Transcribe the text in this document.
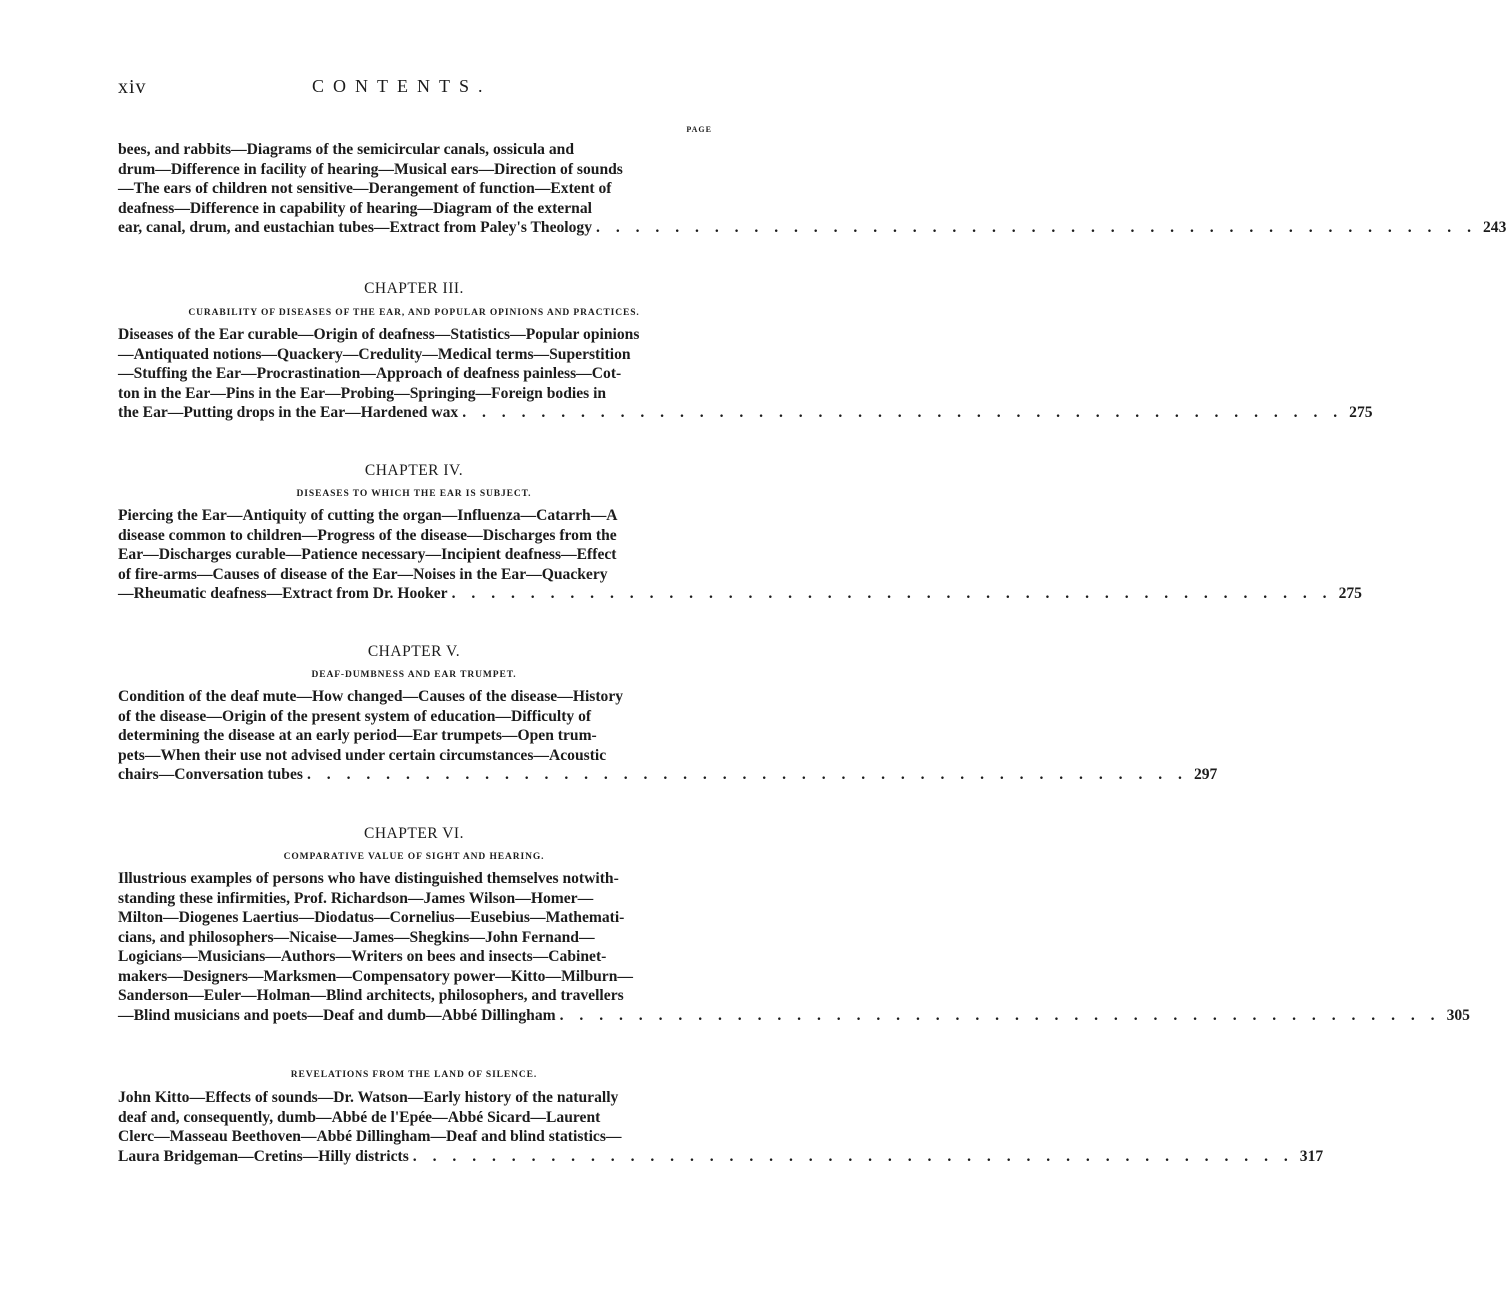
xiv	CONTENTS.
PAGE

bees, and rabbits—Diagrams of the semicircular canals, ossicula and
drum—Difference in facility of hearing—Musical ears—Direction of sounds
—The ears of children not sensitive—Derangement of function—Extent of
deafness—Difference in capability of hearing—Diagram of the external

ear, canal, drum, and eustachian tubes—Extract from Paley's Theology . . . . . . . . . . . . . . . . . . . . . . . . . . . . . . . . . . . . . . . . . . . . . 243
CHAPTER III.
CURABILITY OF DISEASES OF THE EAR, AND POPULAR OPINIONS AND PRACTICES.

Diseases of the Ear curable—Origin of deafness—Statistics—Popular opinions
—Antiquated notions—Quackery—Credulity—Medical terms—Superstition
—Stuffing the Ear—Procrastination—Approach of deafness painless—Cot-
ton in the Ear—Pins in the Ear—Probing—Springing—Foreign bodies in

the Ear—Putting drops in the Ear—Hardened wax . . . . . . . . . . . . . . . . . . . . . . . . . . . . . . . . . . . . . . . . . . . . . 275
CHAPTER IV.
DISEASES TO WHICH THE EAR IS SUBJECT.

Piercing the Ear—Antiquity of cutting the organ—Influenza—Catarrh—A
disease common to children—Progress of the disease—Discharges from the
Ear—Discharges curable—Patience necessary—Incipient deafness—Effect
of fire-arms—Causes of disease of the Ear—Noises in the Ear—Quackery

—Rheumatic deafness—Extract from Dr. Hooker . . . . . . . . . . . . . . . . . . . . . . . . . . . . . . . . . . . . . . . . . . . . . 275
CHAPTER V.
DEAF-DUMBNESS AND EAR TRUMPET.

Condition of the deaf mute—How changed—Causes of the disease—History
of the disease—Origin of the present system of education—Difficulty of
determining the disease at an early period—Ear trumpets—Open trum-
pets—When their use not advised under certain circumstances—Acoustic

chairs—Conversation tubes . . . . . . . . . . . . . . . . . . . . . . . . . . . . . . . . . . . . . . . . . . . . . 297
CHAPTER VI.
COMPARATIVE VALUE OF SIGHT AND HEARING.

Illustrious examples of persons who have distinguished themselves notwith-
standing these infirmities, Prof. Richardson—James Wilson—Homer—
Milton—Diogenes Laertius—Diodatus—Cornelius—Eusebius—Mathemati-
cians, and philosophers—Nicaise—James—Shegkins—John Fernand—
Logicians—Musicians—Authors—Writers on bees and insects—Cabinet-
makers—Designers—Marksmen—Compensatory power—Kitto—Milburn—
Sanderson—Euler—Holman—Blind architects, philosophers, and travellers

—Blind musicians and poets—Deaf and dumb—Abbé Dillingham . . . . . . . . . . . . . . . . . . . . . . . . . . . . . . . . . . . . . . . . . . . . . 305
REVELATIONS FROM THE LAND OF SILENCE.

John Kitto—Effects of sounds—Dr. Watson—Early history of the naturally
deaf and, consequently, dumb—Abbé de l'Epée—Abbé Sicard—Laurent
Clerc—Masseau Beethoven—Abbé Dillingham—Deaf and blind statistics—

Laura Bridgeman—Cretins—Hilly districts . . . . . . . . . . . . . . . . . . . . . . . . . . . . . . . . . . . . . . . . . . . . . 317
